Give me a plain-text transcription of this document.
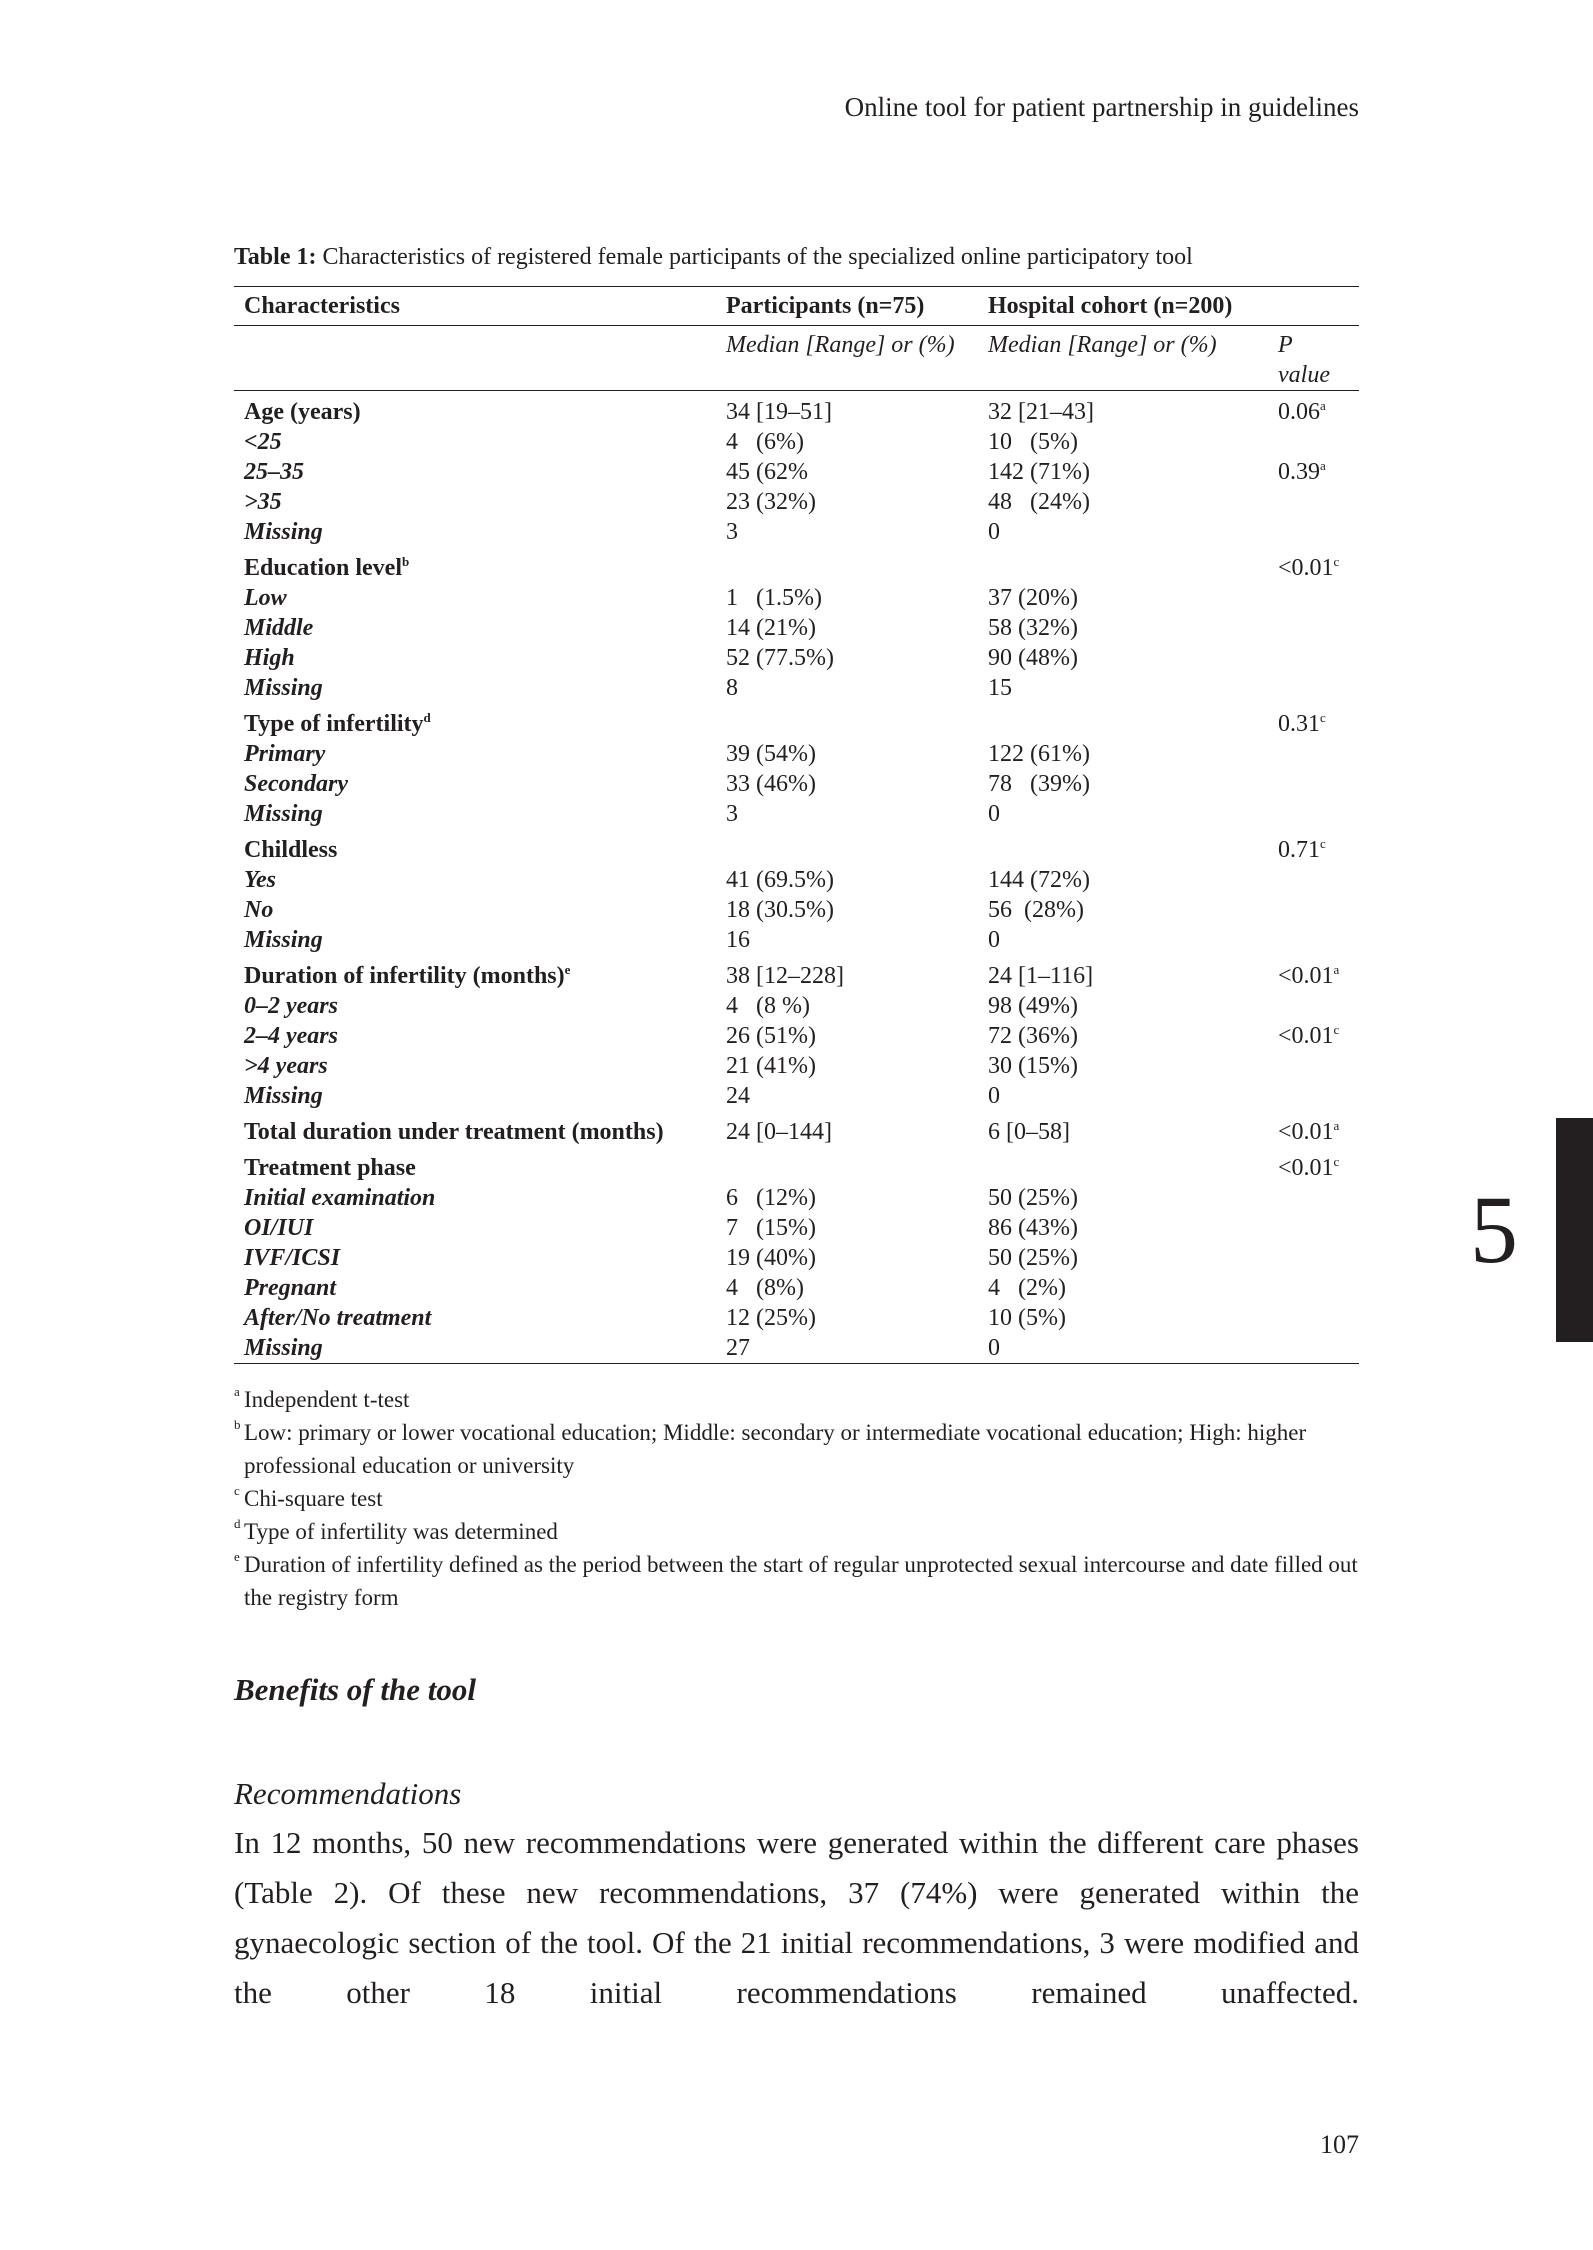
Online tool for patient partnership in guidelines
Table 1: Characteristics of registered female participants of the specialized online participatory tool
Characteristics	Participants (n=75)	Hospital cohort (n=200)	
	Median [Range] or (%)	Median [Range] or (%)	P value
Age (years)	34 [19–51]	32 [21–43]	0.06$^a$
<25	4   (6%)	10   (5%)	
25–35	45 (62%	142 (71%)	0.39$^a$
>35	23 (32%)	48   (24%)	
Missing	3	0	
Education level$^b$			<0.01$^c$
Low	1   (1.5%)	37 (20%)	
Middle	14 (21%)	58 (32%)	
High	52 (77.5%)	90 (48%)	
Missing	8	15	
Type of infertility$^d$			0.31$^c$
Primary	39 (54%)	122 (61%)	
Secondary	33 (46%)	78   (39%)	
Missing	3	0	
Childless			0.71$^c$
Yes	41 (69.5%)	144 (72%)	
No	18 (30.5%)	56  (28%)	
Missing	16	0	
Duration of infertility (months)$^e$	38 [12–228]	24 [1–116]	<0.01$^a$
0–2 years	4   (8 %)	98 (49%)	
2–4 years	26 (51%)	72 (36%)	<0.01$^c$
>4 years	21 (41%)	30 (15%)	
Missing	24	0	
Total duration under treatment (months)	24 [0–144]	6 [0–58]	<0.01$^a$
Treatment phase			<0.01$^c$
Initial examination	6   (12%)	50 (25%)	
OI/IUI	7   (15%)	86 (43%)	
IVF/ICSI	19 (40%)	50 (25%)	
Pregnant	4   (8%)	4   (2%)	
After/No treatment	12 (25%)	10 (5%)	
Missing	27	0	
a Independent t-test
b Low: primary or lower vocational education; Middle: secondary or intermediate vocational education; High: higher professional education or university
c Chi-square test
d Type of infertility was determined
e Duration of infertility defined as the period between the start of regular unprotected sexual intercourse and date filled out the registry form
Benefits of the tool
Recommendations
In 12 months, 50 new recommendations were generated within the different care phases (Table 2). Of these new recommendations, 37 (74%) were generated within the gynaecologic section of the tool. Of the 21 initial recommendations, 3 were modified and the other 18 initial recommendations remained unaffected.
107
5
